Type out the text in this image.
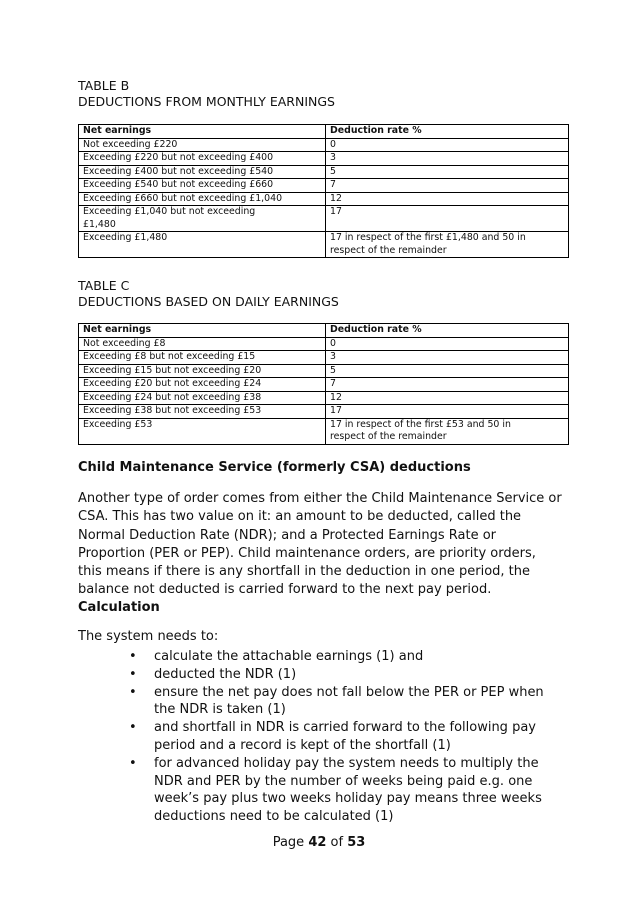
TABLE B
DEDUCTIONS FROM MONTHLY EARNINGS
Net earnings	Deduction rate %

Not exceeding £220	0

Exceeding £220 but not exceeding £400	3

Exceeding £400 but not exceeding £540	5

Exceeding £540 but not exceeding £660	7

Exceeding £660 but not exceeding £1,040	12

Exceeding £1,040 but not exceeding
£1,480	17

Exceeding £1,480	17 in respect of the first £1,480 and 50 in
respect of the remainder
TABLE C
DEDUCTIONS BASED ON DAILY EARNINGS
Net earnings	Deduction rate %

Not exceeding £8	0

Exceeding £8 but not exceeding £15	3

Exceeding £15 but not exceeding £20	5

Exceeding £20 but not exceeding £24	7

Exceeding £24 but not exceeding £38	12

Exceeding £38 but not exceeding £53	17

Exceeding £53	17 in respect of the first £53 and 50 in
respect of the remainder
Child Maintenance Service (formerly CSA) deductions
Another type of order comes from either the Child Maintenance Service or
CSA. This has two value on it: an amount to be deducted, called the
Normal Deduction Rate (NDR); and a Protected Earnings Rate or
Proportion (PER or PEP). Child maintenance orders, are priority orders,
this means if there is any shortfall in the deduction in one period, the
balance not deducted is carried forward to the next pay period.
Calculation
The system needs to:
• calculate the attachable earnings (1) and
• deducted the NDR (1)
• ensure the net pay does not fall below the PER or PEP when
the NDR is taken (1)
• and shortfall in NDR is carried forward to the following pay
period and a record is kept of the shortfall (1)
• for advanced holiday pay the system needs to multiply the
NDR and PER by the number of weeks being paid e.g. one
week’s pay plus two weeks holiday pay means three weeks
deductions need to be calculated (1)
Page 42 of 53
